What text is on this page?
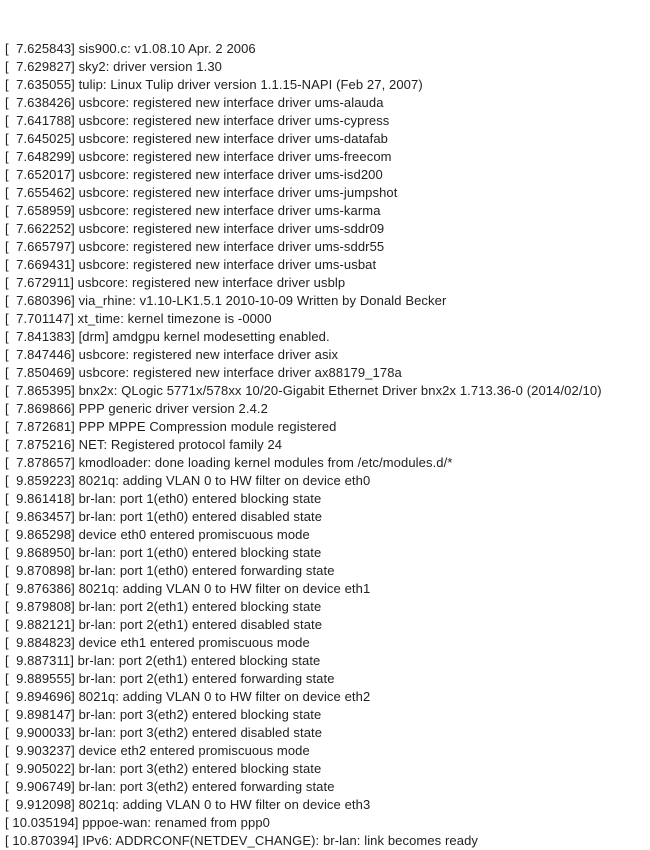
[  7.625843] sis900.c: v1.08.10 Apr. 2 2006
[  7.629827] sky2: driver version 1.30
[  7.635055] tulip: Linux Tulip driver version 1.1.15-NAPI (Feb 27, 2007)
[  7.638426] usbcore: registered new interface driver ums-alauda
[  7.641788] usbcore: registered new interface driver ums-cypress
[  7.645025] usbcore: registered new interface driver ums-datafab
[  7.648299] usbcore: registered new interface driver ums-freecom
[  7.652017] usbcore: registered new interface driver ums-isd200
[  7.655462] usbcore: registered new interface driver ums-jumpshot
[  7.658959] usbcore: registered new interface driver ums-karma
[  7.662252] usbcore: registered new interface driver ums-sddr09
[  7.665797] usbcore: registered new interface driver ums-sddr55
[  7.669431] usbcore: registered new interface driver ums-usbat
[  7.672911] usbcore: registered new interface driver usblp
[  7.680396] via_rhine: v1.10-LK1.5.1 2010-10-09 Written by Donald Becker
[  7.701147] xt_time: kernel timezone is -0000
[  7.841383] [drm] amdgpu kernel modesetting enabled.
[  7.847446] usbcore: registered new interface driver asix
[  7.850469] usbcore: registered new interface driver ax88179_178a
[  7.865395] bnx2x: QLogic 5771x/578xx 10/20-Gigabit Ethernet Driver bnx2x 1.713.36-0 (2014/02/10)
[  7.869866] PPP generic driver version 2.4.2
[  7.872681] PPP MPPE Compression module registered
[  7.875216] NET: Registered protocol family 24
[  7.878657] kmodloader: done loading kernel modules from /etc/modules.d/*
[  9.859223] 8021q: adding VLAN 0 to HW filter on device eth0
[  9.861418] br-lan: port 1(eth0) entered blocking state
[  9.863457] br-lan: port 1(eth0) entered disabled state
[  9.865298] device eth0 entered promiscuous mode
[  9.868950] br-lan: port 1(eth0) entered blocking state
[  9.870898] br-lan: port 1(eth0) entered forwarding state
[  9.876386] 8021q: adding VLAN 0 to HW filter on device eth1
[  9.879808] br-lan: port 2(eth1) entered blocking state
[  9.882121] br-lan: port 2(eth1) entered disabled state
[  9.884823] device eth1 entered promiscuous mode
[  9.887311] br-lan: port 2(eth1) entered blocking state
[  9.889555] br-lan: port 2(eth1) entered forwarding state
[  9.894696] 8021q: adding VLAN 0 to HW filter on device eth2
[  9.898147] br-lan: port 3(eth2) entered blocking state
[  9.900033] br-lan: port 3(eth2) entered disabled state
[  9.903237] device eth2 entered promiscuous mode
[  9.905022] br-lan: port 3(eth2) entered blocking state
[  9.906749] br-lan: port 3(eth2) entered forwarding state
[  9.912098] 8021q: adding VLAN 0 to HW filter on device eth3
[ 10.035194] pppoe-wan: renamed from ppp0
[ 10.870394] IPv6: ADDRCONF(NETDEV_CHANGE): br-lan: link becomes ready
